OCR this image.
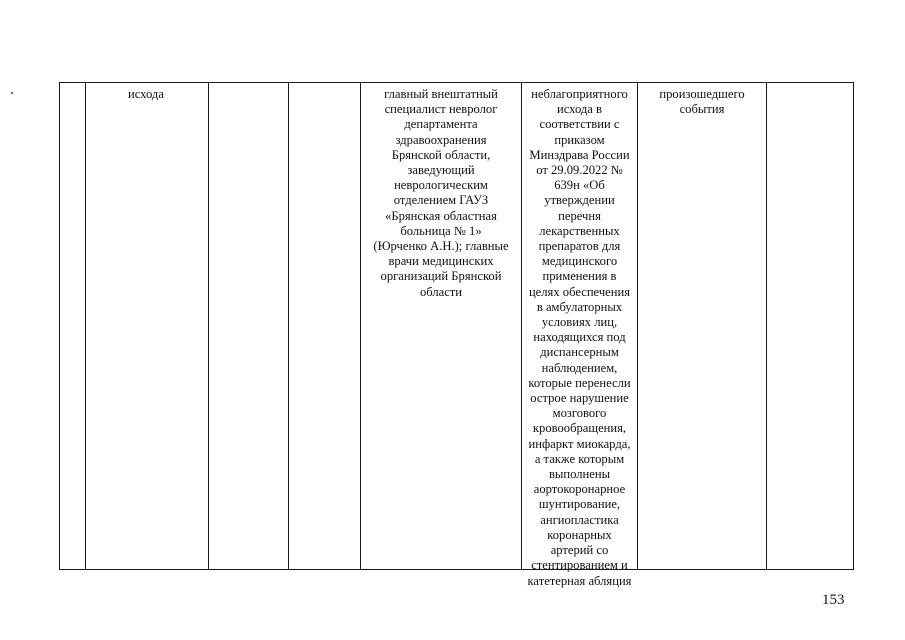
исхода	главный внештатный
специалист невролог
департамента
здравоохранения
Брянской области,
заведующий
неврологическим
отделением ГАУЗ
«Брянская областная
больница № 1»
(Юрченко А.Н.); главные
врачи медицинских
организаций Брянской
области
неблагоприятного
исхода в
соответствии с
приказом
Минздрава России
от 29.09.2022 №
639н «Об
утверждении
перечня
лекарственных
препаратов для
медицинского
применения в
целях обеспечения
в амбулаторных
условиях лиц,
находящихся под
диспансерным
наблюдением,
которые перенесли
острое нарушение
мозгового
кровообращения,
инфаркт миокарда,
а также которым
выполнены
аортокоронарное
шунтирование,
ангиопластика
коронарных
артерий со
стентированием и
катетерная абляция
произошедшего
события
153
